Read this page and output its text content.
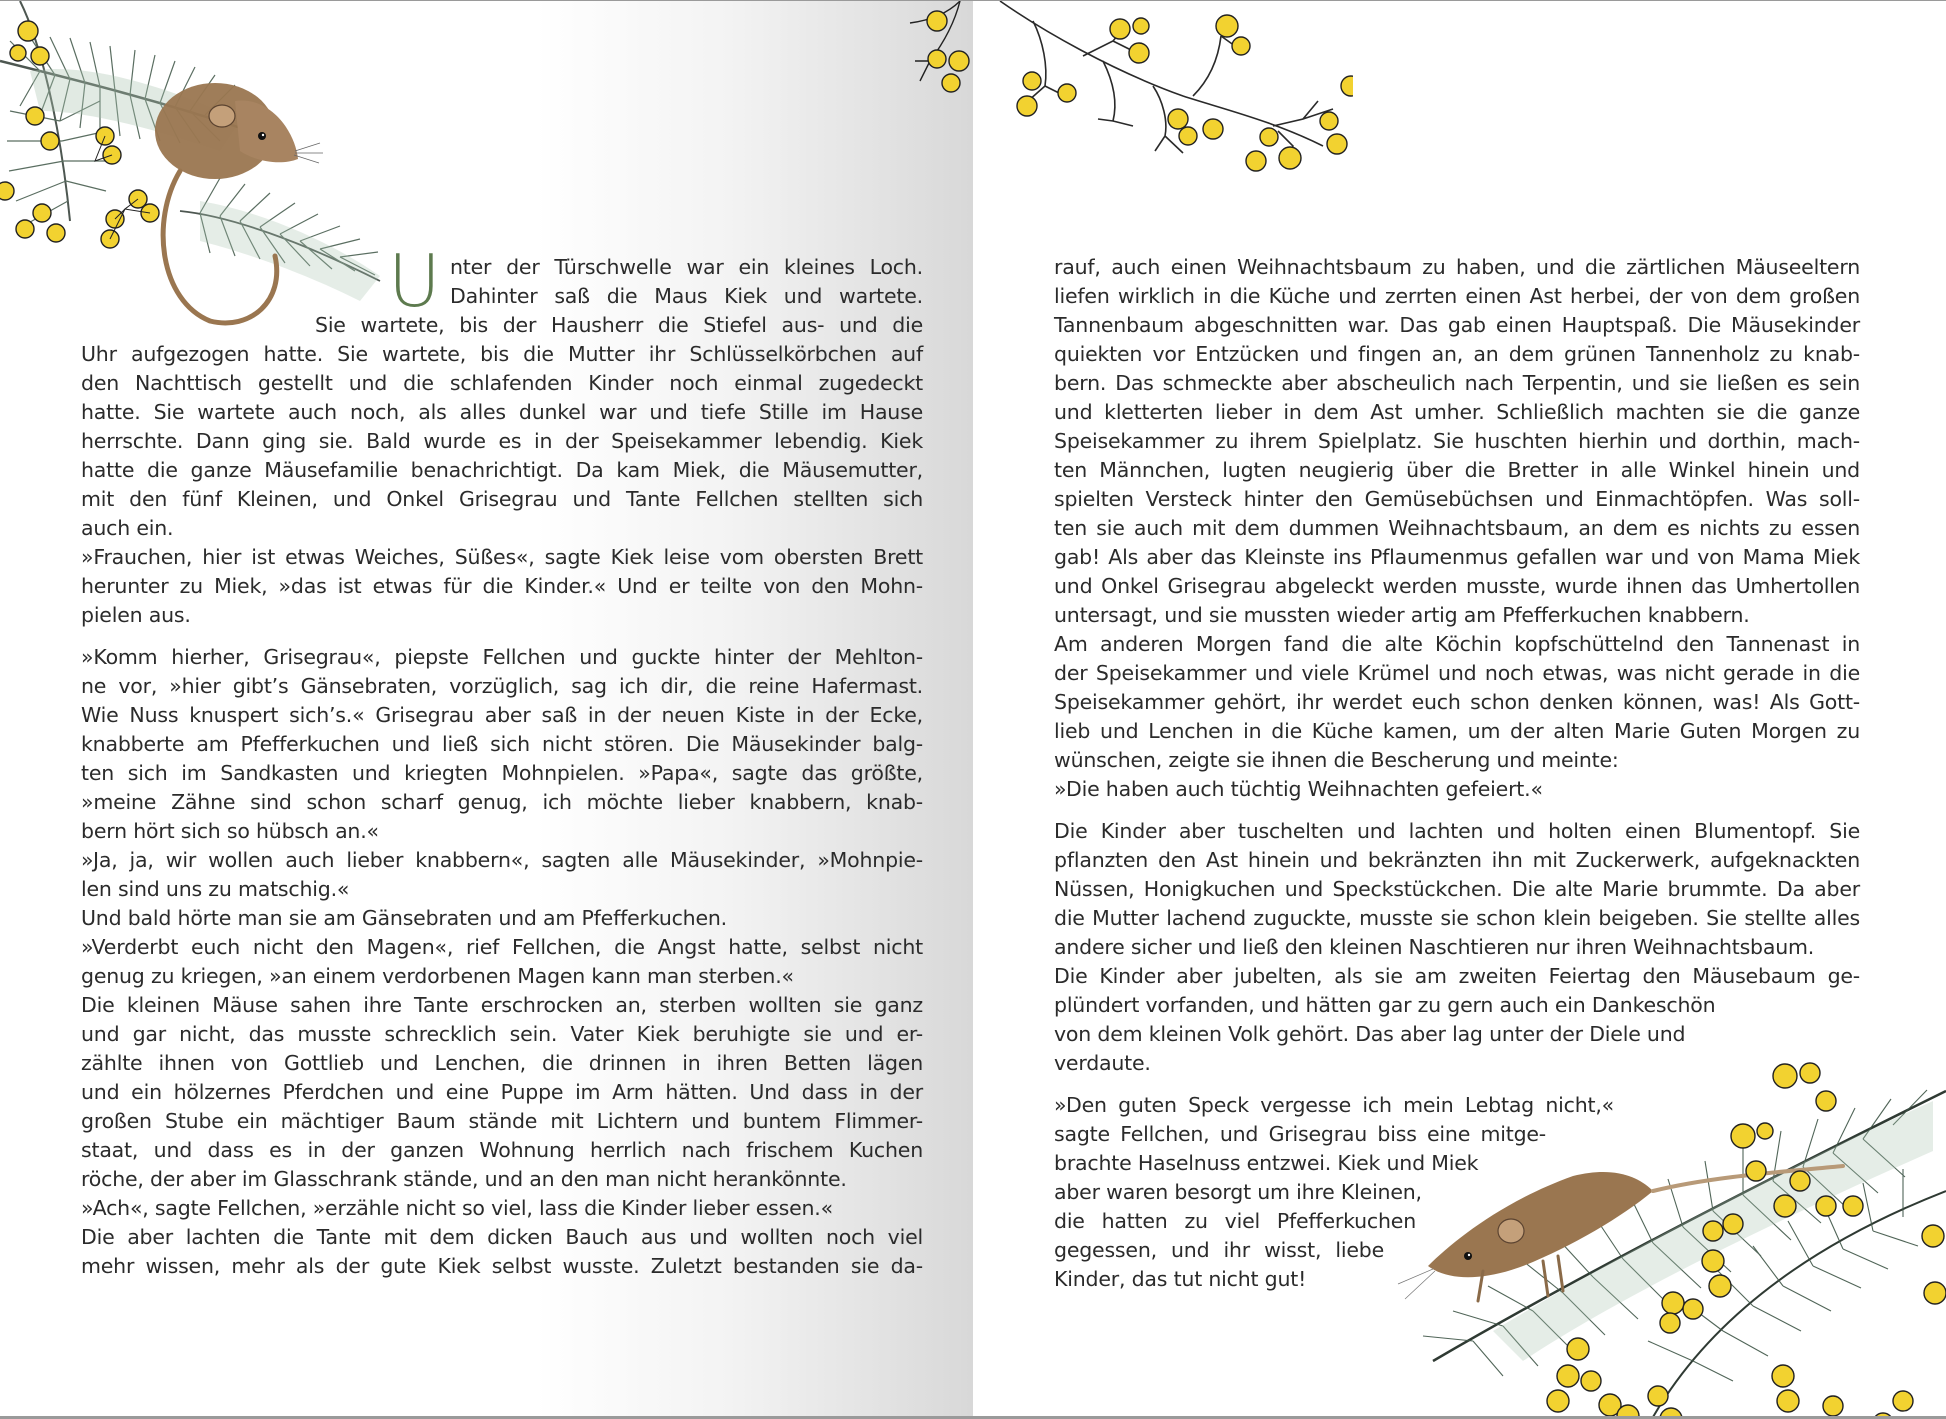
U nter der Türschwelle war ein kleines Loch.
Dahinter saß die Maus Kiek und wartete.
Sie wartete, bis der Hausherr die Stiefel aus- und die
Uhr aufgezogen hatte. Sie wartete, bis die Mutter ihr Schlüsselkörbchen auf
den Nachttisch gestellt und die schlafenden Kinder noch einmal zugedeckt
hatte. Sie wartete auch noch, als alles dunkel war und tiefe Stille im Hause
herrschte. Dann ging sie. Bald wurde es in der Speisekammer lebendig. Kiek
hatte die ganze Mäusefamilie benachrichtigt. Da kam Miek, die Mäusemutter,
mit den fünf Kleinen, und Onkel Grisegrau und Tante Fellchen stellten sich
auch ein.
»Frauchen, hier ist etwas Weiches, Süßes«, sagte Kiek leise vom obersten Brett
herunter zu Miek, »das ist etwas für die Kinder.« Und er teilte von den Mohn-
pielen aus.
»Komm hierher, Grisegrau«, piepste Fellchen und guckte hinter der Mehlton-
ne vor, »hier gibt’s Gänsebraten, vorzüglich, sag ich dir, die reine Hafermast.
Wie Nuss knuspert sich’s.« Grisegrau aber saß in der neuen Kiste in der Ecke,
knabberte am Pfefferkuchen und ließ sich nicht stören. Die Mäusekinder balg-
ten sich im Sandkasten und kriegten Mohnpielen. »Papa«, sagte das größte,
»meine Zähne sind schon scharf genug, ich möchte lieber knabbern, knab-
bern hört sich so hübsch an.«
»Ja, ja, wir wollen auch lieber knabbern«, sagten alle Mäusekinder, »Mohnpie-
len sind uns zu matschig.«
Und bald hörte man sie am Gänsebraten und am Pfefferkuchen.
»Verderbt euch nicht den Magen«, rief Fellchen, die Angst hatte, selbst nicht
genug zu kriegen, »an einem verdorbenen Magen kann man sterben.«
Die kleinen Mäuse sahen ihre Tante erschrocken an, sterben wollten sie ganz
und gar nicht, das musste schrecklich sein. Vater Kiek beruhigte sie und er-
zählte ihnen von Gottlieb und Lenchen, die drinnen in ihren Betten lägen
und ein hölzernes Pferdchen und eine Puppe im Arm hätten. Und dass in der
großen Stube ein mächtiger Baum stände mit Lichtern und buntem Flimmer-
staat, und dass es in der ganzen Wohnung herrlich nach frischem Kuchen
röche, der aber im Glasschrank stände, und an den man nicht herankönnte.
»Ach«, sagte Fellchen, »erzähle nicht so viel, lass die Kinder lieber essen.«
Die aber lachten die Tante mit dem dicken Bauch aus und wollten noch viel
mehr wissen, mehr als der gute Kiek selbst wusste. Zuletzt bestanden sie da-
rauf, auch einen Weihnachtsbaum zu haben, und die zärtlichen Mäuseeltern
liefen wirklich in die Küche und zerrten einen Ast herbei, der von dem großen
Tannenbaum abgeschnitten war. Das gab einen Hauptspaß. Die Mäusekinder
quiekten vor Entzücken und fingen an, an dem grünen Tannenholz zu knab-
bern. Das schmeckte aber abscheulich nach Terpentin, und sie ließen es sein
und kletterten lieber in dem Ast umher. Schließlich machten sie die ganze
Speisekammer zu ihrem Spielplatz. Sie huschten hierhin und dorthin, mach-
ten Männchen, lugten neugierig über die Bretter in alle Winkel hinein und
spielten Versteck hinter den Gemüsebüchsen und Einmachtöpfen. Was soll-
ten sie auch mit dem dummen Weihnachtsbaum, an dem es nichts zu essen
gab! Als aber das Kleinste ins Pflaumenmus gefallen war und von Mama Miek
und Onkel Grisegrau abgeleckt werden musste, wurde ihnen das Umhertollen
untersagt, und sie mussten wieder artig am Pfefferkuchen knabbern.
Am anderen Morgen fand die alte Köchin kopfschüttelnd den Tannenast in
der Speisekammer und viele Krümel und noch etwas, was nicht gerade in die
Speisekammer gehört, ihr werdet euch schon denken können, was! Als Gott-
lieb und Lenchen in die Küche kamen, um der alten Marie Guten Morgen zu
wünschen, zeigte sie ihnen die Bescherung und meinte:
»Die haben auch tüchtig Weihnachten gefeiert.«
Die Kinder aber tuschelten und lachten und holten einen Blumentopf. Sie
pflanzten den Ast hinein und bekränzten ihn mit Zuckerwerk, aufgeknackten
Nüssen, Honigkuchen und Speckstückchen. Die alte Marie brummte. Da aber
die Mutter lachend zuguckte, musste sie schon klein beigeben. Sie stellte alles
andere sicher und ließ den kleinen Naschtieren nur ihren Weihnachtsbaum.
Die Kinder aber jubelten, als sie am zweiten Feiertag den Mäusebaum ge-
plündert vorfanden, und hätten gar zu gern auch ein Dankeschön
von dem kleinen Volk gehört. Das aber lag unter der Diele und
verdaute.
»Den guten Speck vergesse ich mein Lebtag nicht,«
sagte Fellchen, und Grisegrau biss eine mitge-
brachte Haselnuss entzwei. Kiek und Miek
aber waren besorgt um ihre Kleinen,
die hatten zu viel Pfefferkuchen
gegessen, und ihr wisst, liebe
Kinder, das tut nicht gut!
